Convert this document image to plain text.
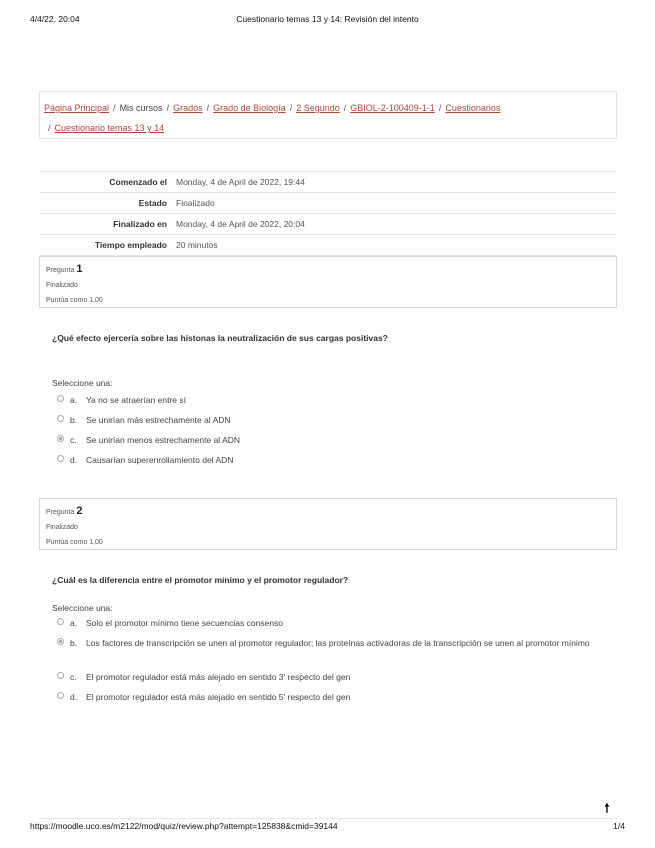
4/4/22, 20:04	Cuestionario temas 13 y 14: Revisión del intento
Página Principal / Mis cursos / Grados / Grado de Biología / 2 Segundo / GBIOL-2-100409-1-1 / Cuestionarios
/ Cuestionario temas 13 y 14
Comenzado el	Monday, 4 de April de 2022, 19:44
Estado	Finalizado
Finalizado en	Monday, 4 de April de 2022, 20:04
Tiempo empleado	20 minutos
Pregunta 1
Finalizado
Puntúa como 1,00
¿Qué efecto ejercería sobre las histonas la neutralización de sus cargas positivas?
Seleccione una:
a.	Ya no se atraerían entre sí
b.	Se unirían más estrechamente al ADN
c.	Se unirían menos estrechamente al ADN
d.	Causarían superenrollamiento del ADN
Pregunta 2
Finalizado
Puntúa como 1,00
¿Cuál es la diferencia entre el promotor mínimo y el promotor regulador?
Seleccione una:
a.	Solo el promotor mínimo tiene secuencias consenso
b.	Los factores de transcripción se unen al promotor regulador; las proteínas activadoras de la transcripción se unen al promotor mínimo
c.	El promotor regulador está más alejado en sentido 3' respecto del gen
d.	El promotor regulador está más alejado en sentido 5' respecto del gen
🠕
https://moodle.uco.es/m2122/mod/quiz/review.php?attempt=125838&cmid=39144	1/4
